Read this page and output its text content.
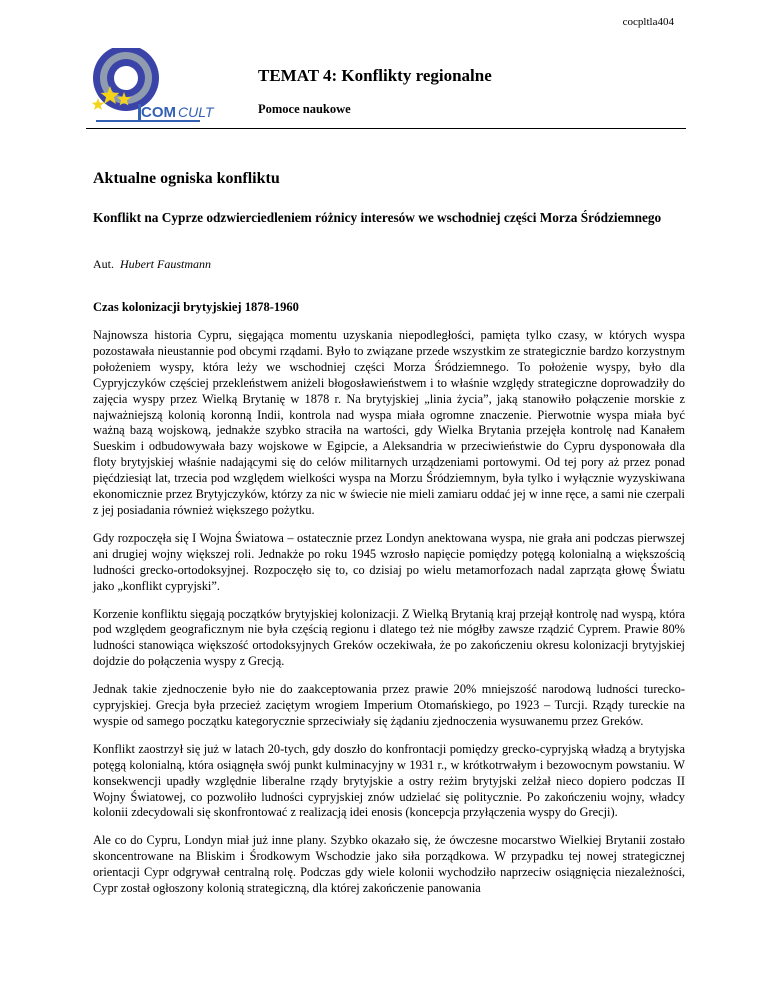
cocpltla404
COM CULT
TEMAT 4: Konflikty regionalne
Pomoce naukowe
Aktualne ogniska konfliktu
Konflikt na Cyprze odzwierciedleniem różnicy interesów we wschodniej części Morza Śródziemnego
Aut. Hubert Faustmann
Czas kolonizacji brytyjskiej 1878-1960

Najnowsza historia Cypru, sięgająca momentu uzyskania niepodległości, pamięta tylko czasy, w których wyspa pozostawała nieustannie pod obcymi rządami. Było to związane przede wszystkim ze strategicznie bardzo korzystnym położeniem wyspy, która leży we wschodniej części Morza Śródziemnego. To położenie wyspy, było dla Cypryjczyków częściej przekleństwem aniżeli błogosławieństwem i to właśnie względy strategiczne doprowadziły do zajęcia wyspy przez Wielką Brytanię w 1878 r. Na brytyjskiej „linia życia”, jaką stanowiło połączenie morskie z najważniejszą kolonią koronną Indii, kontrola nad wyspa miała ogromne znaczenie. Pierwotnie wyspa miała być ważną bazą wojskową, jednakże szybko straciła na wartości, gdy Wielka Brytania przejęła kontrolę nad Kanałem Sueskim i odbudowywała bazy wojskowe w Egipcie, a Aleksandria w przeciwieństwie do Cypru dysponowała dla floty brytyjskiej właśnie nadającymi się do celów militarnych urządzeniami portowymi. Od tej pory aż przez ponad pięćdziesiąt lat, trzecia pod względem wielkości wyspa na Morzu Śródziemnym, była tylko i wyłącznie wyzyskiwana ekonomicznie przez Brytyjczyków, którzy za nic w świecie nie mieli zamiaru oddać jej w inne ręce, a sami nie czerpali z jej posiadania również większego pożytku.

Gdy rozpoczęła się I Wojna Światowa – ostatecznie przez Londyn anektowana wyspa, nie grała ani podczas pierwszej ani drugiej wojny większej roli. Jednakże po roku 1945 wzrosło napięcie pomiędzy potęgą kolonialną a większością ludności grecko-ortodoksyjnej. Rozpoczęło się to, co dzisiaj po wielu metamorfozach nadal zaprząta głowę Światu jako „konflikt cypryjski”.

Korzenie konfliktu sięgają początków brytyjskiej kolonizacji. Z Wielką Brytanią kraj przejął kontrolę nad wyspą, która pod względem geograficznym nie była częścią regionu i dlatego też nie mógłby zawsze rządzić Cyprem. Prawie 80% ludności stanowiąca większość ortodoksyjnych Greków oczekiwała, że po zakończeniu okresu kolonizacji brytyjskiej dojdzie do połączenia wyspy z Grecją.

Jednak takie zjednoczenie było nie do zaakceptowania przez prawie 20% mniejszość narodową ludności turecko-cypryjskiej. Grecja była przecież zaciętym wrogiem Imperium Otomańskiego, po 1923 – Turcji. Rządy tureckie na wyspie od samego początku kategorycznie sprzeciwiały się żądaniu zjednoczenia wysuwanemu przez Greków.

Konflikt zaostrzył się już w latach 20-tych, gdy doszło do konfrontacji pomiędzy grecko-cypryjską władzą a brytyjska potęgą kolonialną, która osiągnęła swój punkt kulminacyjny w 1931 r., w krótkotrwałym i bezowocnym powstaniu. W konsekwencji upadły względnie liberalne rządy brytyjskie a ostry reżim brytyjski zelżał nieco dopiero podczas II Wojny Światowej, co pozwoliło ludności cypryjskiej znów udzielać się politycznie. Po zakończeniu wojny, władcy kolonii zdecydowali się skonfrontować z realizacją idei enosis (koncepcja przyłączenia wyspy do Grecji).

Ale co do Cypru, Londyn miał już inne plany. Szybko okazało się, że ówczesne mocarstwo Wielkiej Brytanii zostało skoncentrowane na Bliskim i Środkowym Wschodzie jako siła porządkowa. W przypadku tej nowej strategicznej orientacji Cypr odgrywał centralną rolę. Podczas gdy wiele kolonii wychodziło naprzeciw osiągnięcia niezależności, Cypr został ogłoszony kolonią strategiczną, dla której zakończenie panowania
